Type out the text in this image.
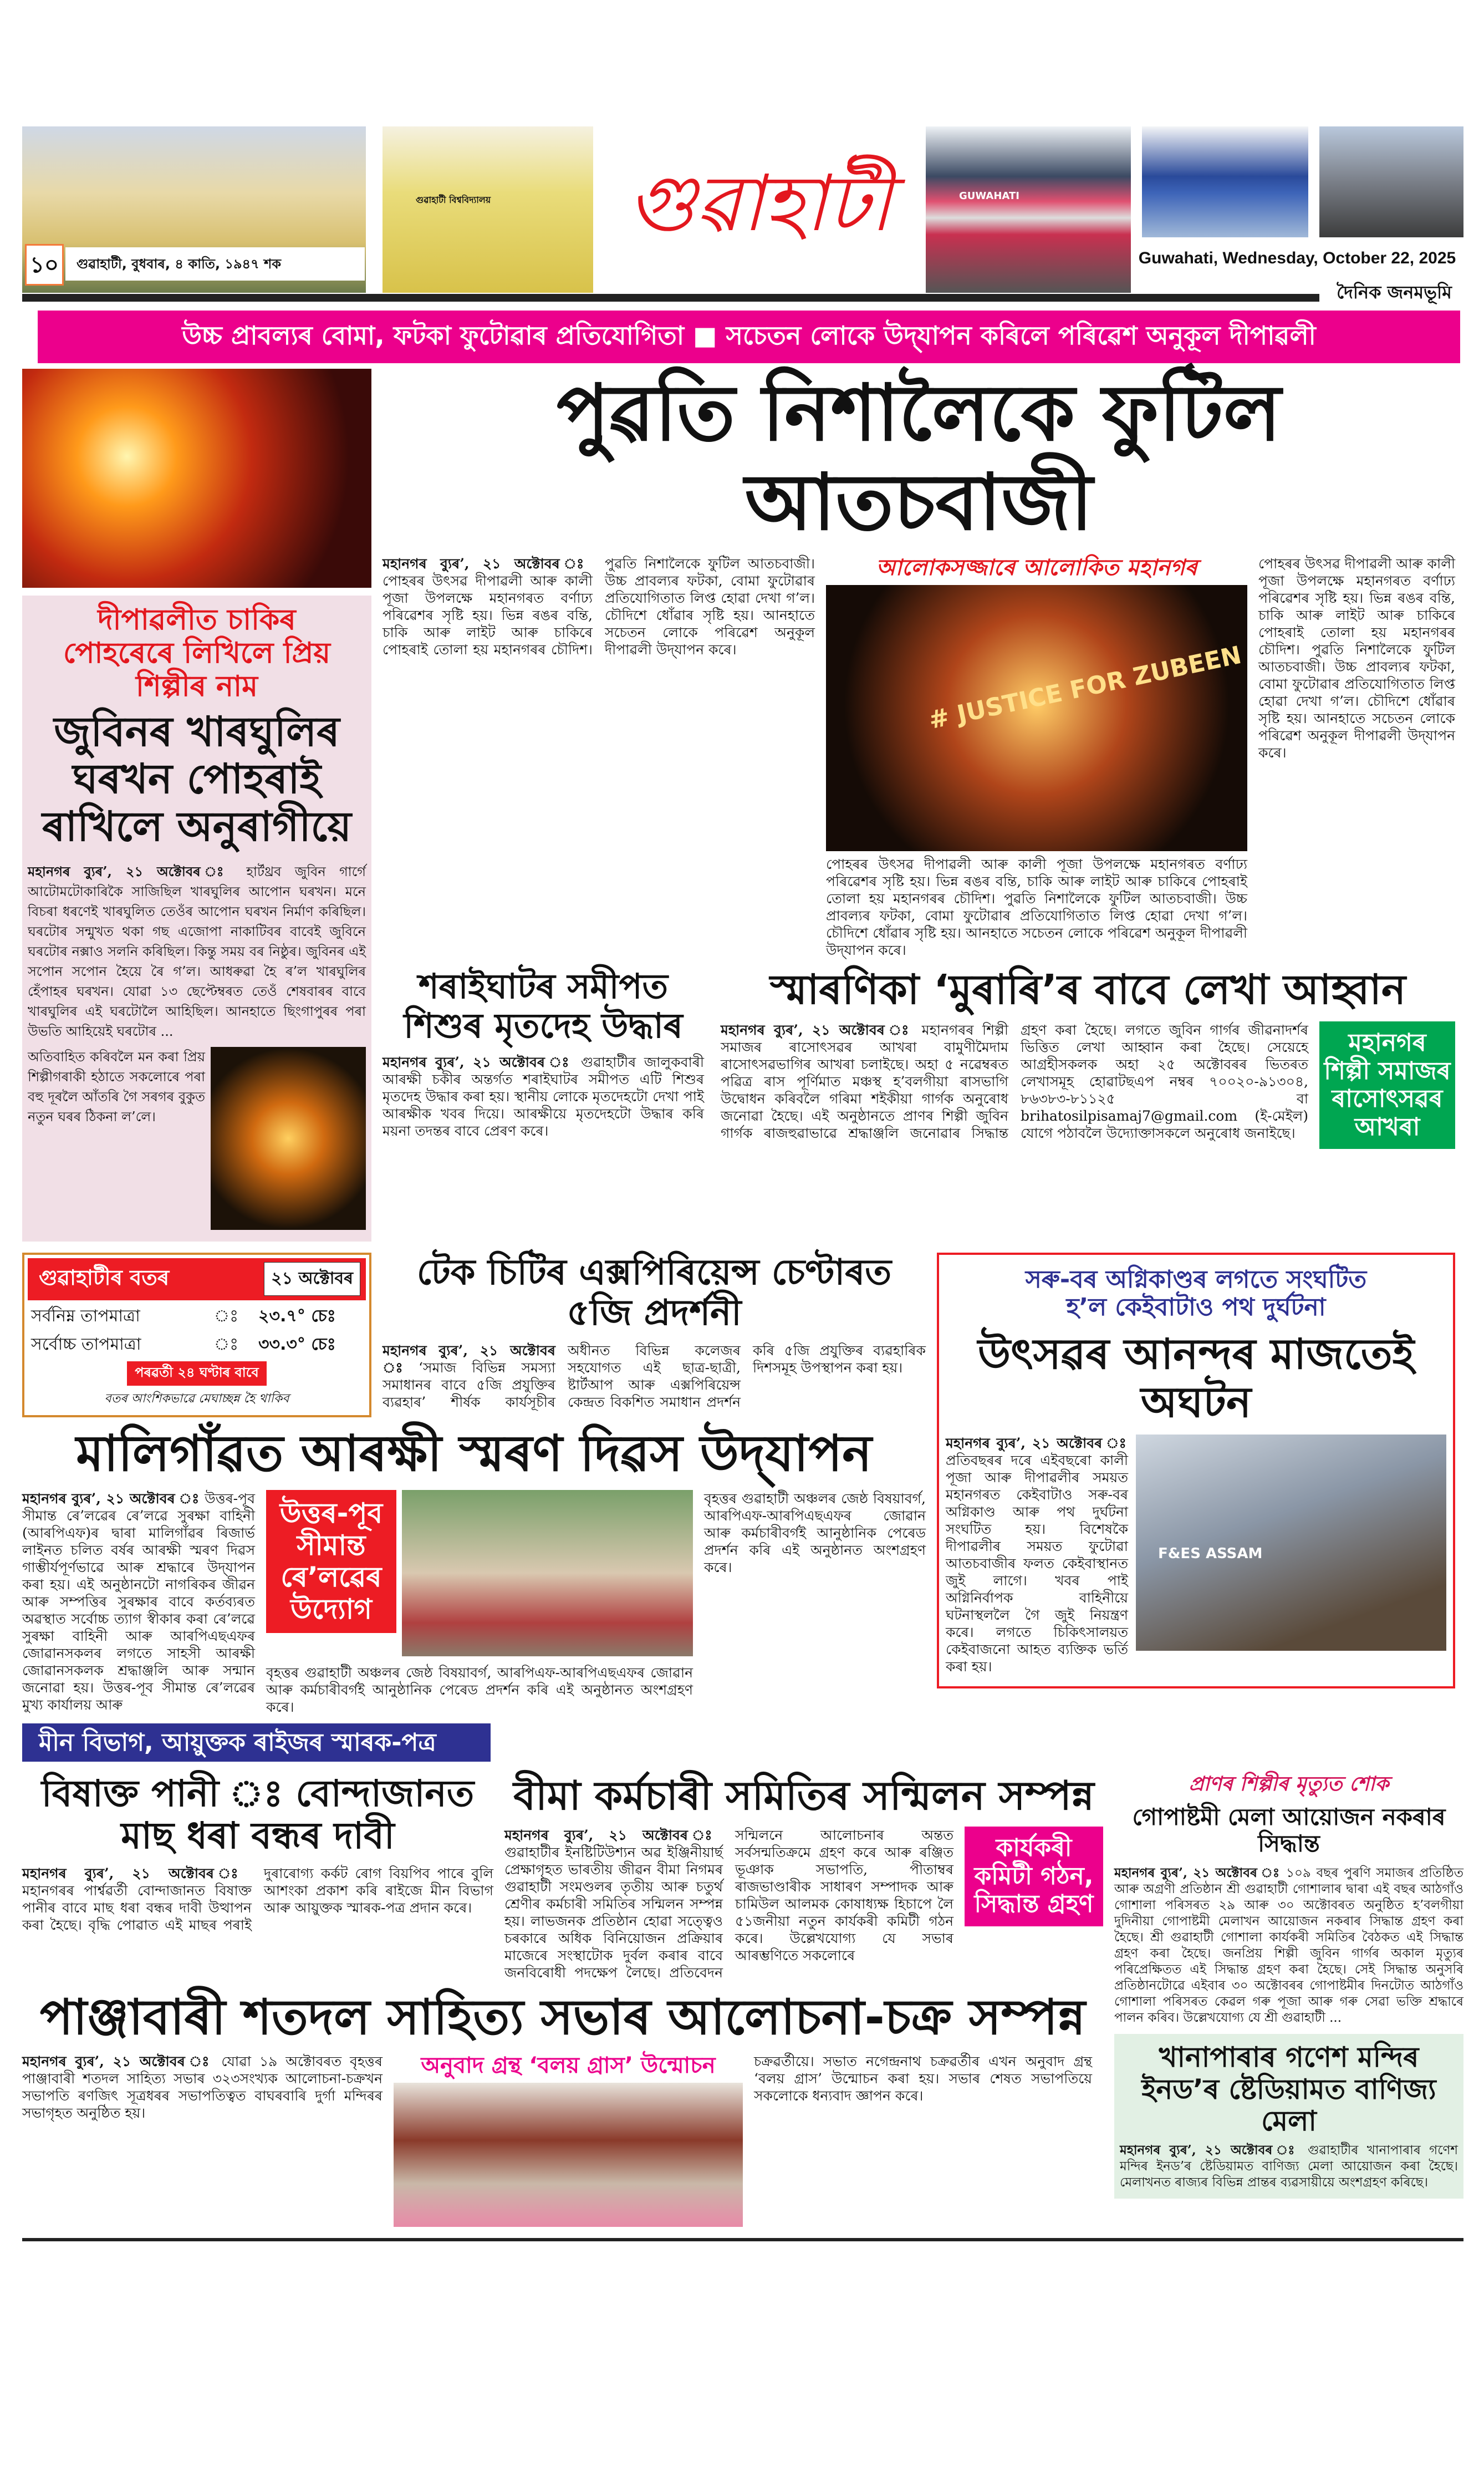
গুৱাহাটী বিশ্ববিদ্যালয় গুৱাহাটী	GUWAHATI
১০	গুৱাহাটী, বুধবাৰ, ৪ কাতি, ১৯৪৭ শক	Guwahati, Wednesday, October 22, 2025
দৈনিক জনমভূমি
উচ্চ প্ৰাবল্যৰ বোমা, ফটকা ফুটোৱাৰ প্ৰতিযোগিতা ■ সচেতন লোকে উদ্‌যাপন কৰিলে পৰিৱেশ অনুকূল দীপাৱলী
দীপাৱলীত চাকিৰ পোহৰেৰে লিখিলে প্ৰিয় শিল্পীৰ নাম
জুবিনৰ খাৰঘুলিৰ ঘৰখন পোহৰাই ৰাখিলে অনুৰাগীয়ে
মহানগৰ ব্যুৰ’, ২১ অক্টোবৰ ঃ হাৰ্টথ্ৰব জুবিন গাৰ্গে আটোমটোকাৰিকৈ সাজিছিল খাৰঘুলিৰ আপোন ঘৰখন। মনে বিচৰা ধৰণেই খাৰঘুলিত তেওঁৰ আপোন ঘৰখন নিৰ্মাণ কৰিছিল। ঘৰটোৰ সন্মুখত থকা গছ এজোপা নাকাটিবৰ বাবেই জুবিনে ঘৰটোৰ নক্সাও সলনি কৰিছিল। কিন্তু সময় বৰ নিষ্ঠুৰ। জুবিনৰ এই সপোন সপোন হৈয়ে ৰৈ গ’ল। আধৰুৱা হৈ ৰ’ল খাৰঘুলিৰ হেঁপাহৰ ঘৰখন। যোৱা ১৩ ছেপ্টেম্বৰত তেওঁ শেষবাৰৰ বাবে খাৰঘুলিৰ এই ঘৰটোলৈ আহিছিল। আনহাতে ছিংগাপুৰৰ পৰা উভতি আহিয়েই ঘৰটোৰ ...
অতিবাহিত কৰিবলৈ মন কৰা প্ৰিয় শিল্পীগৰাকী হঠাতে সকলোৰে পৰা বহু দূৰলৈ আঁতৰি গৈ সৰগৰ বুকুত নতুন ঘৰৰ ঠিকনা ল’লে।
পুৱতি নিশালৈকে ফুটিল আতচবাজী
মহানগৰ ব্যুৰ’, ২১ অক্টোবৰ ঃ পোহৰৰ উৎসৱ দীপাৱলী আৰু কালী পূজা উপলক্ষে মহানগৰত বৰ্ণাঢ্য পৰিৱেশৰ সৃষ্টি হয়। ভিন্ন ৰঙৰ বন্তি, চাকি আৰু লাইট আৰু চাকিৰে পোহৰাই তোলা হয় মহানগৰৰ চৌদিশ। পুৱতি নিশালৈকে ফুটিল আতচবাজী। উচ্চ প্ৰাবল্যৰ ফটকা, বোমা ফুটোৱাৰ প্ৰতিযোগিতাত লিপ্ত হোৱা দেখা গ’ল। চৌদিশে ধোঁৱাৰ সৃষ্টি হয়। আনহাতে সচেতন লোকে পৰিৱেশ অনুকূল দীপাৱলী উদ্‌যাপন কৰে।
আলোকসজ্জাৰে আলোকিত মহানগৰ
# JUSTICE FOR ZUBEEN
পোহৰৰ উৎসৱ দীপাৱলী আৰু কালী পূজা উপলক্ষে মহানগৰত বৰ্ণাঢ্য পৰিৱেশৰ সৃষ্টি হয়। ভিন্ন ৰঙৰ বন্তি, চাকি আৰু লাইট আৰু চাকিৰে পোহৰাই তোলা হয় মহানগৰৰ চৌদিশ। পুৱতি নিশালৈকে ফুটিল আতচবাজী। উচ্চ প্ৰাবল্যৰ ফটকা, বোমা ফুটোৱাৰ প্ৰতিযোগিতাত লিপ্ত হোৱা দেখা গ’ল। চৌদিশে ধোঁৱাৰ সৃষ্টি হয়। আনহাতে সচেতন লোকে পৰিৱেশ অনুকূল দীপাৱলী উদ্‌যাপন কৰে।
পোহৰৰ উৎসৱ দীপাৱলী আৰু কালী পূজা উপলক্ষে মহানগৰত বৰ্ণাঢ্য পৰিৱেশৰ সৃষ্টি হয়। ভিন্ন ৰঙৰ বন্তি, চাকি আৰু লাইট আৰু চাকিৰে পোহৰাই তোলা হয় মহানগৰৰ চৌদিশ। পুৱতি নিশালৈকে ফুটিল আতচবাজী। উচ্চ প্ৰাবল্যৰ ফটকা, বোমা ফুটোৱাৰ প্ৰতিযোগিতাত লিপ্ত হোৱা দেখা গ’ল। চৌদিশে ধোঁৱাৰ সৃষ্টি হয়। আনহাতে সচেতন লোকে পৰিৱেশ অনুকূল দীপাৱলী উদ্‌যাপন কৰে।
শৰাইঘাটৰ সমীপত শিশুৰ মৃতদেহ উদ্ধাৰ
মহানগৰ ব্যুৰ’, ২১ অক্টোবৰ ঃ গুৱাহাটীৰ জালুকবাৰী আৰক্ষী চকীৰ অন্তৰ্গত শৰাইঘাটৰ সমীপত এটি শিশুৰ মৃতদেহ উদ্ধাৰ কৰা হয়। স্থানীয় লোকে মৃতদেহটো দেখা পাই আৰক্ষীক খবৰ দিয়ে। আৰক্ষীয়ে মৃতদেহটো উদ্ধাৰ কৰি ময়না তদন্তৰ বাবে প্ৰেৰণ কৰে।
স্মাৰণিকা ‘মুৰাৰি’ৰ বাবে লেখা আহ্বান
মহানগৰ ব্যুৰ’, ২১ অক্টোবৰ ঃ মহানগৰৰ শিল্পী সমাজৰ ৰাসোৎসৱৰ আখৰা বামুণীমৈদাম ৰাসোৎসৱভাগিৰ আখৰা চলাইছে। অহা ৫ নৱেম্বৰত পৱিত্ৰ ৰাস পূৰ্ণিমাত মঞ্চস্থ হ’বলগীয়া ৰাসভাগি উদ্বোধন কৰিবলৈ গৰিমা শইকীয়া গাৰ্গক অনুৰোধ জনোৱা হৈছে। এই অনুষ্ঠানতে প্ৰাণৰ শিল্পী জুবিন গাৰ্গক ৰাজহুৱাভাৱে শ্ৰদ্ধাঞ্জলি জনোৱাৰ সিদ্ধান্ত গ্ৰহণ কৰা হৈছে। লগতে জুবিন গাৰ্গৰ জীৱনাদৰ্শৰ ভিত্তিত লেখা আহ্বান কৰা হৈছে। সেয়েহে আগ্ৰহীসকলক অহা ২৫ অক্টোবৰৰ ভিতৰত লেখাসমূহ হোৱাটছএপ নম্বৰ ৭০০২০-৯১৩০৪, ৮৬৩৮৩-৮১১২৫ বা brihatosilpisamaj7@gmail.com (ই-মেইল) যোগে পঠাবলৈ উদ্যোক্তাসকলে অনুৰোধ জনাইছে।
মহানগৰ শিল্পী সমাজৰ ৰাসোৎসৱৰ আখৰা
গুৱাহাটীৰ বতৰ	২১ অক্টোবৰ
সৰ্বনিম্ন তাপমাত্ৰা	ঃ	২৩.৭° চেঃ
সৰ্বোচ্চ তাপমাত্ৰা	ঃ	৩৩.৩° চেঃ
পৰৱৰ্তী ২৪ ঘণ্টাৰ বাবে
বতৰ আংশিকভাৱে মেঘাচ্ছন্ন হৈ থাকিব
টেক চিটিৰ এক্সপিৰিয়েন্স চেণ্টাৰত ৫জি প্ৰদৰ্শনী
মহানগৰ ব্যুৰ’, ২১ অক্টোবৰ ঃ ‘সমাজ বিভিন্ন সমস্যা সমাধানৰ বাবে ৫জি প্ৰযুক্তিৰ ব্যৱহাৰ’ শীৰ্ষক কাৰ্যসূচীৰ অধীনত বিভিন্ন কলেজৰ সহযোগত এই ছাত্ৰ-ছাত্ৰী, ষ্টাৰ্টআপ আৰু এক্সপিৰিয়েন্স কেন্দ্ৰত বিকশিত সমাধান প্ৰদৰ্শন কৰি ৫জি প্ৰযুক্তিৰ ব্যৱহাৰিক দিশসমূহ উপস্থাপন কৰা হয়।
মালিগাঁৱত আৰক্ষী স্মৰণ দিৱস উদ্‌যাপন
মহানগৰ ব্যুৰ’, ২১ অক্টোবৰ ঃ উত্তৰ-পূব সীমান্ত ৰে’লৱেৰ ৰে’লৱে সুৰক্ষা বাহিনী (আৰপিএফ)ৰ দ্বাৰা মালিগাঁৱৰ ৰিজাৰ্ভ লাইনত চলিত বৰ্ষৰ আৰক্ষী স্মৰণ দিৱস গাম্ভীৰ্যপূৰ্ণভাৱে আৰু শ্ৰদ্ধাৰে উদ্‌যাপন কৰা হয়। এই অনুষ্ঠানটো নাগৰিকৰ জীৱন আৰু সম্পত্তিৰ সুৰক্ষাৰ বাবে কৰ্তব্যৰত অৱস্থাত সৰ্বোচ্চ ত্যাগ স্বীকাৰ কৰা ৰে’লৱে সুৰক্ষা বাহিনী আৰু আৰপিএছএফৰ জোৱানসকলৰ লগতে সাহসী আৰক্ষী জোৱানসকলক শ্ৰদ্ধাঞ্জলি আৰু সন্মান জনোৱা হয়। উত্তৰ-পূব সীমান্ত ৰে’লৱেৰ মুখ্য কাৰ্যালয় আৰু
উত্তৰ-পূব সীমান্ত ৰে’লৱেৰ উদ্যোগ
বৃহত্তৰ গুৱাহাটী অঞ্চলৰ জেষ্ঠ বিষয়াবৰ্গ, আৰপিএফ-আৰপিএছএফৰ জোৱান আৰু কৰ্মচাৰীবৰ্গই আনুষ্ঠানিক পেৰেড প্ৰদৰ্শন কৰি এই অনুষ্ঠানত অংশগ্ৰহণ কৰে।
বৃহত্তৰ গুৱাহাটী অঞ্চলৰ জেষ্ঠ বিষয়াবৰ্গ, আৰপিএফ-আৰপিএছএফৰ জোৱান আৰু কৰ্মচাৰীবৰ্গই আনুষ্ঠানিক পেৰেড প্ৰদৰ্শন কৰি এই অনুষ্ঠানত অংশগ্ৰহণ কৰে।
মীন বিভাগ, আয়ুক্তক ৰাইজৰ স্মাৰক-পত্ৰ
সৰু-বৰ অগ্নিকাণ্ডৰ লগতে সংঘটিত হ’ল কেইবাটাও পথ দুৰ্ঘটনা
উৎসৱৰ আনন্দৰ মাজতেই অঘটন
F&ES ASSAM
মহানগৰ ব্যুৰ’, ২১ অক্টোবৰ ঃ প্ৰতিবছৰৰ দৰে এইবছৰো কালী পূজা আৰু দীপাৱলীৰ সময়ত মহানগৰত কেইবাটাও সৰু-বৰ অগ্নিকাণ্ড আৰু পথ দুৰ্ঘটনা সংঘটিত হয়। বিশেষকৈ দীপাৱলীৰ সময়ত ফুটোৱা আতচবাজীৰ ফলত কেইবাস্থানত জুই লাগে। খবৰ পাই অগ্নিনিৰ্বাপক বাহিনীয়ে ঘটনাস্থললৈ গৈ জুই নিয়ন্ত্ৰণ কৰে। লগতে চিকিৎসালয়ত কেইবাজনো আহত ব্যক্তিক ভৰ্তি কৰা হয়।
বিষাক্ত পানী ঃ বোন্দাজানত মাছ ধৰা বন্ধৰ দাবী
মহানগৰ ব্যুৰ’, ২১ অক্টোবৰ ঃ মহানগৰৰ পাৰ্শ্বৱৰ্তী বোন্দাজানত বিষাক্ত পানীৰ বাবে মাছ ধৰা বন্ধৰ দাবী উত্থাপন কৰা হৈছে। বৃদ্ধি পোৱাত এই মাছৰ পৰাই দুৰাৰোগ্য কৰ্কট ৰোগ বিয়পিব পাৰে বুলি আশংকা প্ৰকাশ কৰি ৰাইজে মীন বিভাগ আৰু আয়ুক্তক স্মাৰক-পত্ৰ প্ৰদান কৰে।
বীমা কৰ্মচাৰী সমিতিৰ সন্মিলন সম্পন্ন
মহানগৰ ব্যুৰ’, ২১ অক্টোবৰ ঃ গুৱাহাটীৰ ইনষ্টিটিউশ্যন অৱ ইঞ্জিনীয়াৰ্ছ প্ৰেক্ষাগৃহত ভাৰতীয় জীৱন বীমা নিগমৰ গুৱাহাটী সংমণ্ডলৰ তৃতীয় আৰু চতুৰ্থ শ্ৰেণীৰ কৰ্মচাৰী সমিতিৰ সন্মিলন সম্পন্ন হয়। লাভজনক প্ৰতিষ্ঠান হোৱা সত্ত্বেও চৰকাৰে অধিক বিনিয়োজন প্ৰক্ৰিয়াৰ মাজেৰে সংস্থাটোক দুৰ্বল কৰাৰ বাবে জনবিৰোধী পদক্ষেপ লৈছে। প্ৰতিবেদন সন্মিলনে আলোচনাৰ অন্তত সৰ্বসন্মতিক্ৰমে গ্ৰহণ কৰে আৰু ৰঞ্জিত ভূঞাক সভাপতি, পীতাম্বৰ ৰাজভাণ্ডাৰীক সাধাৰণ সম্পাদক আৰু চামিউল আলমক কোষাধ্যক্ষ হিচাপে লৈ ৫১জনীয়া নতুন কাৰ্যকৰী কমিটী গঠন কৰে। উল্লেখযোগ্য যে সভাৰ আৰম্ভণিতে সকলোৰে
কাৰ্যকৰী কমিটী গঠন, সিদ্ধান্ত গ্ৰহণ
পাঞ্জাবাৰী শতদল সাহিত্য সভাৰ আলোচনা-চক্ৰ সম্পন্ন
মহানগৰ ব্যুৰ’, ২১ অক্টোবৰ ঃ যোৱা ১৯ অক্টোবৰত বৃহত্তৰ পাঞ্জাবাৰী শতদল সাহিত্য সভাৰ ৩২৩সংখ্যক আলোচনা-চক্ৰখন সভাপতি ৰণজিৎ সূত্ৰধৰৰ সভাপতিত্বত বাঘৰবাৰি দুৰ্গা মন্দিৰৰ সভাগৃহত অনুষ্ঠিত হয়।
অনুবাদ গ্ৰন্থ ‘বলয় গ্ৰাস’ উন্মোচন	চক্ৰৱৰ্তীয়ে। সভাত নগেন্দ্ৰনাথ চক্ৰৱৰ্তীৰ এখন অনুবাদ গ্ৰন্থ ‘বলয় গ্ৰাস’ উন্মোচন কৰা হয়। সভাৰ শেষত সভাপতিয়ে সকলোকে ধন্যবাদ জ্ঞাপন কৰে।
প্ৰাণৰ শিল্পীৰ মৃত্যুত শোক
গোপাষ্টমী মেলা আয়োজন নকৰাৰ সিদ্ধান্ত
মহানগৰ ব্যুৰ’, ২১ অক্টোবৰ ঃ ১০৯ বছৰ পুৰণি সমাজৰ প্ৰতিষ্ঠিত আৰু অগ্ৰণী প্ৰতিষ্ঠান শ্ৰী গুৱাহাটী গোশালাৰ দ্বাৰা এই বছৰ আঠগাঁও গোশালা পৰিসৰত ২৯ আৰু ৩০ অক্টোবৰত অনুষ্ঠিত হ’বলগীয়া দুদিনীয়া গোপাষ্টমী মেলাখন আয়োজন নকৰাৰ সিদ্ধান্ত গ্ৰহণ কৰা হৈছে। শ্ৰী গুৱাহাটী গোশালা কাৰ্যকৰী সমিতিৰ বৈঠকত এই সিদ্ধান্ত গ্ৰহণ কৰা হৈছে। জনপ্ৰিয় শিল্পী জুবিন গাৰ্গৰ অকাল মৃত্যুৰ পৰিপ্ৰেক্ষিতত এই সিদ্ধান্ত গ্ৰহণ কৰা হৈছে। সেই সিদ্ধান্ত অনুসৰি প্ৰতিষ্ঠানটোৱে এইবাৰ ৩০ অক্টোবৰৰ গোপাষ্টমীৰ দিনটোত আঠগাঁও গোশালা পৰিসৰত কেৱল গৰু পূজা আৰু গৰু সেৱা ভক্তি শ্ৰদ্ধাৰে পালন কৰিব। উল্লেখযোগ্য যে শ্ৰী গুৱাহাটী ...
খানাপাৰাৰ গণেশ মন্দিৰ ইনড’ৰ ষ্টেডিয়ামত বাণিজ্য মেলা
মহানগৰ ব্যুৰ’, ২১ অক্টোবৰ ঃ গুৱাহাটীৰ খানাপাৰাৰ গণেশ মন্দিৰ ইনড’ৰ ষ্টেডিয়ামত বাণিজ্য মেলা আয়োজন কৰা হৈছে। মেলাখনত ৰাজ্যৰ বিভিন্ন প্ৰান্তৰ ব্যৱসায়ীয়ে অংশগ্ৰহণ কৰিছে।
